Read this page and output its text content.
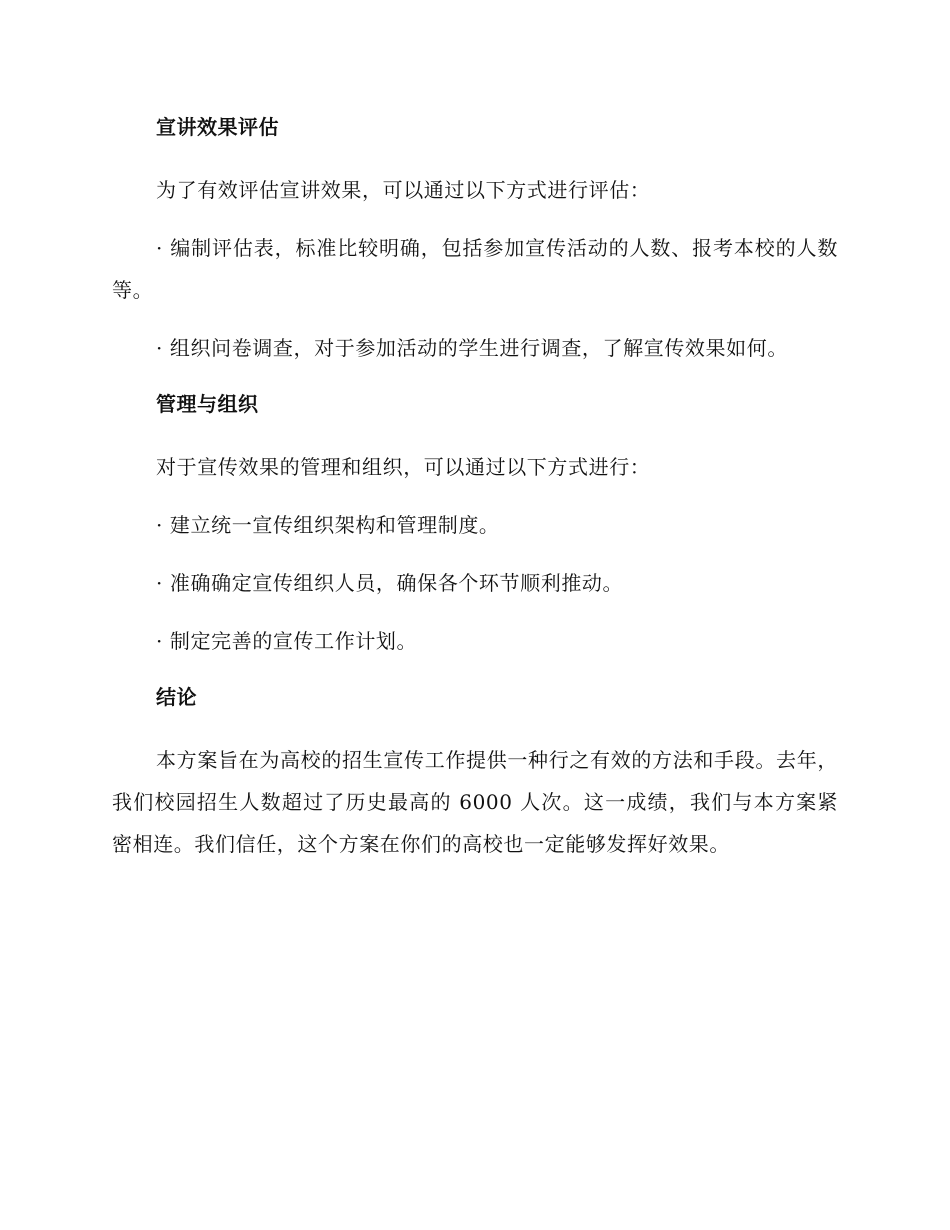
宣讲效果评估

为了有效评估宣讲效果，可以通过以下方式进行评估：

· 编制评估表，标准比较明确，包括参加宣传活动的人数、报考本校的人数等。

· 组织问卷调查，对于参加活动的学生进行调查，了解宣传效果如何。

管理与组织

对于宣传效果的管理和组织，可以通过以下方式进行：

· 建立统一宣传组织架构和管理制度。

· 准确确定宣传组织人员，确保各个环节顺利推动。

· 制定完善的宣传工作计划。

结论

本方案旨在为高校的招生宣传工作提供一种行之有效的方法和手段。去年，我们校园招生人数超过了历史最高的 6000 人次。这一成绩，我们与本方案紧密相连。我们信任，这个方案在你们的高校也一定能够发挥好效果。
